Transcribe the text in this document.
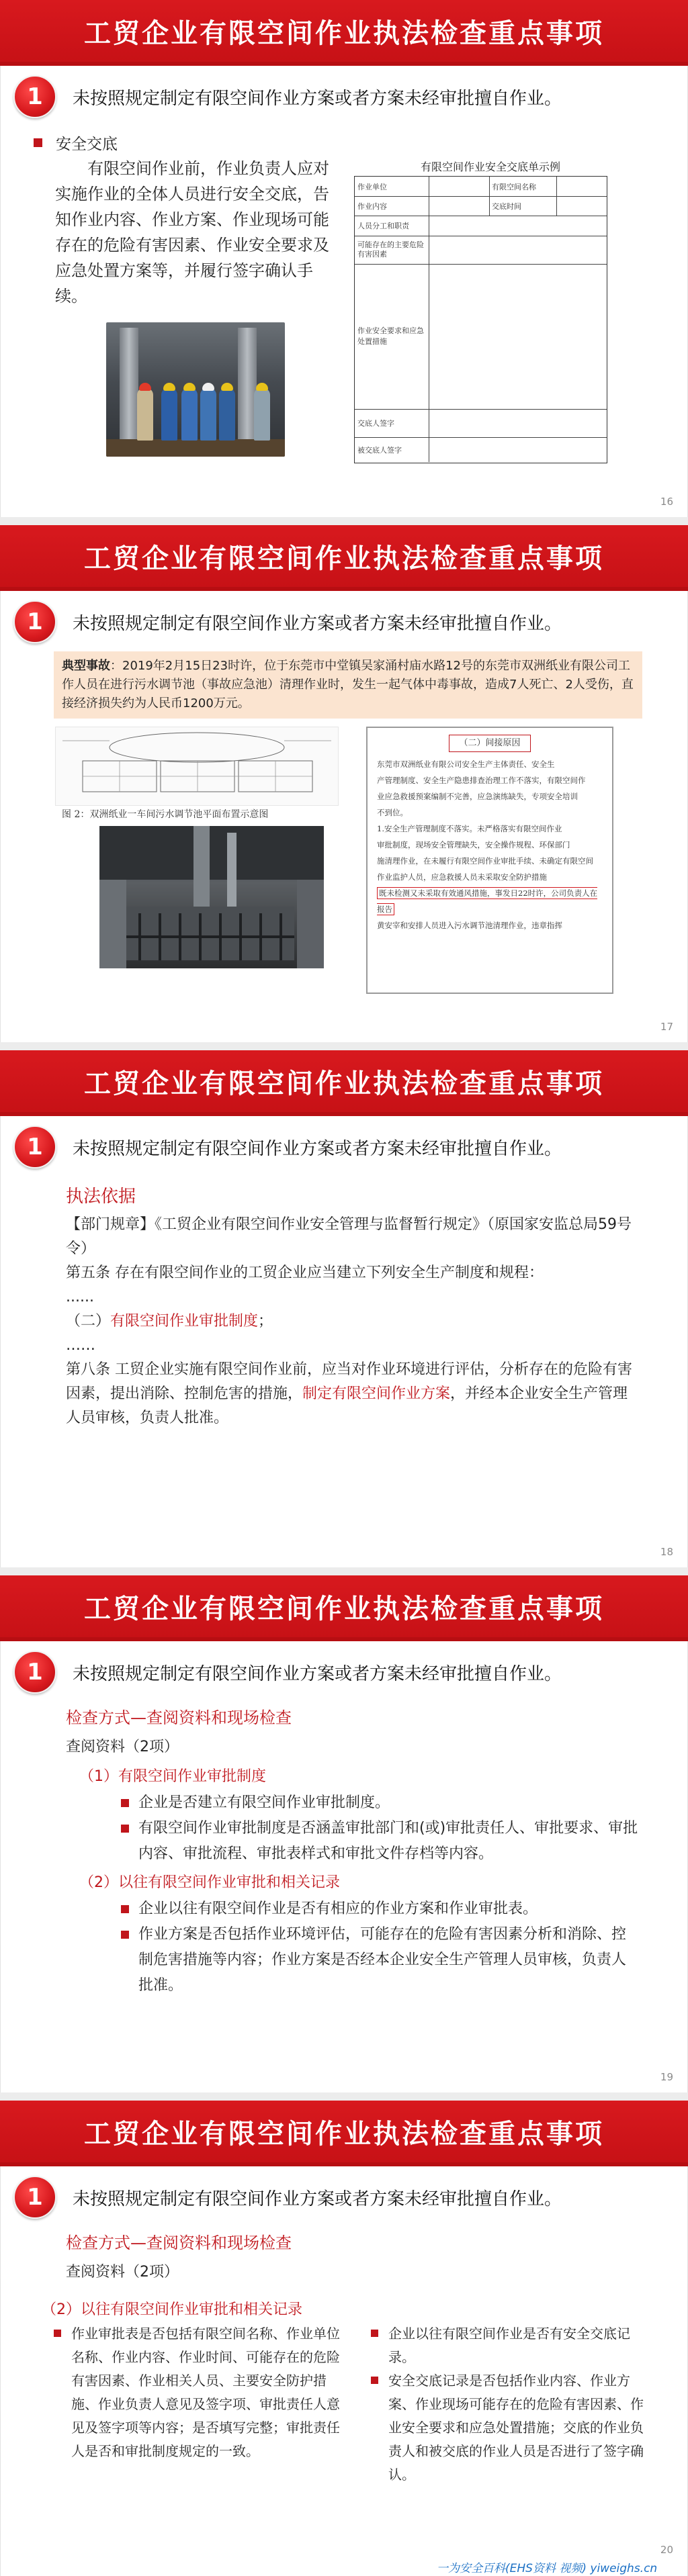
工贸企业有限空间作业执法检查重点事项
1	未按照规定制定有限空间作业方案或者方案未经审批擅自作业。
安全交底
有限空间作业前，作业负责人应对实施作业的全体人员进行安全交底，告知作业内容、作业方案、作业现场可能存在的危险有害因素、作业安全要求及应急处置方案等，并履行签字确认手续。
有限空间作业安全交底单示例
作业单位	有限空间名称
作业内容	交底时间
人员分工和职责
可能存在的主要危险有害因素
作业安全要求和应急处置措施
交底人签字
被交底人签字
16
工贸企业有限空间作业执法检查重点事项
1	未按照规定制定有限空间作业方案或者方案未经审批擅自作业。
典型事故：2019年2月15日23时许，位于东莞市中堂镇吴家涌村庙水路12号的东莞市双洲纸业有限公司工作人员在进行污水调节池（事故应急池）清理作业时，发生一起气体中毒事故，造成7人死亡、2人受伤，直接经济损失约为人民币1200万元。
图 2：双洲纸业一车间污水调节池平面布置示意图
（二）间接原因
东莞市双洲纸业有限公司安全生产主体责任、安全生
产管理制度、安全生产隐患排查治理工作不落实，有限空间作
业应急救援预案编制不完善，应急演练缺失，专项安全培训
不到位。
1.安全生产管理制度不落实。未严格落实有限空间作业
审批制度，现场安全管理缺失，安全操作规程、环保部门
施清理作业，在未履行有限空间作业审批手续、未确定有限空间
作业监护人员，应急救援人员未采取安全防护措施
既未检测又未采取有效通风措施，事发日22时许，公司负责人在报告
黄安宰和安排人员进入污水调节池清理作业，违章指挥
17
工贸企业有限空间作业执法检查重点事项
1	未按照规定制定有限空间作业方案或者方案未经审批擅自作业。
执法依据
【部门规章】《工贸企业有限空间作业安全管理与监督暂行规定》（原国家安监总局59号令）
第五条 存在有限空间作业的工贸企业应当建立下列安全生产制度和规程：
......
（二）有限空间作业审批制度；
……
第八条 工贸企业实施有限空间作业前，应当对作业环境进行评估，分析存在的危险有害因素，提出消除、控制危害的措施，制定有限空间作业方案，并经本企业安全生产管理人员审核，负责人批准。
18
工贸企业有限空间作业执法检查重点事项
1	未按照规定制定有限空间作业方案或者方案未经审批擅自作业。
检查方式—查阅资料和现场检查
查阅资料（2项）
（1）有限空间作业审批制度
企业是否建立有限空间作业审批制度。
有限空间作业审批制度是否涵盖审批部门和(或)审批责任人、审批要求、审批内容、审批流程、审批表样式和审批文件存档等内容。
（2）以往有限空间作业审批和相关记录
企业以往有限空间作业是否有相应的作业方案和作业审批表。
作业方案是否包括作业环境评估，可能存在的危险有害因素分析和消除、控制危害措施等内容；作业方案是否经本企业安全生产管理人员审核，负责人批准。
19
工贸企业有限空间作业执法检查重点事项
1	未按照规定制定有限空间作业方案或者方案未经审批擅自作业。
检查方式—查阅资料和现场检查
查阅资料（2项）
（2）以往有限空间作业审批和相关记录
作业审批表是否包括有限空间名称、作业单位名称、作业内容、作业时间、可能存在的危险有害因素、作业相关人员、主要安全防护措施、作业负责人意见及签字项、审批责任人意见及签字项等内容；是否填写完整；审批责任人是否和审批制度规定的一致。
企业以往有限空间作业是否有安全交底记录。
安全交底记录是否包括作业内容、作业方案、作业现场可能存在的危险有害因素、作业安全要求和应急处置措施；交底的作业负责人和被交底的作业人员是否进行了签字确认。
20
一为安全百科(EHS资料 视频) yiweighs.cn
